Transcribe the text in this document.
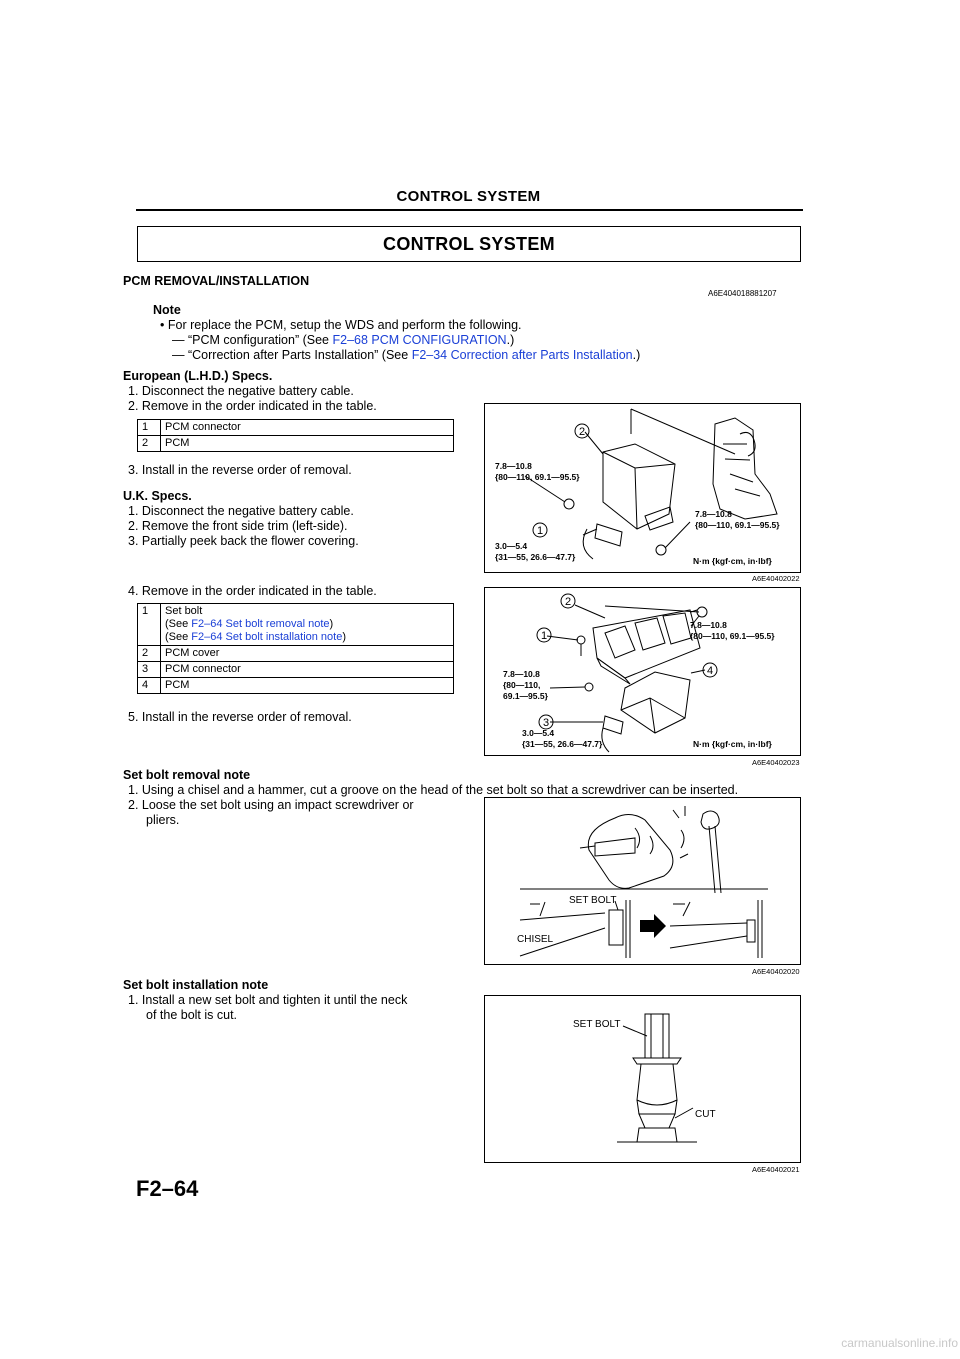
CONTROL SYSTEM
CONTROL SYSTEM
PCM REMOVAL/INSTALLATION
A6E404018881207
Note
• For replace the PCM, setup the WDS and perform the following.
— “PCM configuration” (See F2–68 PCM CONFIGURATION.)
— “Correction after Parts Installation” (See F2–34 Correction after Parts Installation.)
European (L.H.D.) Specs.
1. Disconnect the negative battery cable.
2. Remove in the order indicated in the table.
1	PCM connector
2	PCM
3. Install in the reverse order of removal.
2
1
7.8—10.8
{80—110, 69.1—95.5}
7.8—10.8
{80—110, 69.1—95.5}
3.0—5.4
{31—55, 26.6—47.7}	N·m {kgf·cm, in·lbf}
A6E40402022
U.K. Specs.
1. Disconnect the negative battery cable.
2. Remove the front side trim (left-side).
3. Partially peek back the flower covering.
4. Remove in the order indicated in the table.
1	Set bolt
(See F2–64 Set bolt removal note)
(See F2–64 Set bolt installation note)

2	PCM cover
3	PCM connector
4	PCM
5. Install in the reverse order of removal.
2
1
3
4
7.8—10.8
{80—110, 69.1—95.5}
7.8—10.8
{80—110,
69.1—95.5}
3.0—5.4
{31—55, 26.6—47.7}	N·m {kgf·cm, in·lbf}
A6E40402023
Set bolt removal note
1. Using a chisel and a hammer, cut a groove on the head of the set bolt so that a screwdriver can be inserted.
2. Loose the set bolt using an impact screwdriver or
pliers.
SET BOLT
CHISEL
A6E40402020
Set bolt installation note
1. Install a new set bolt and tighten it until the neck
of the bolt is cut.
SET BOLT
CUT
A6E40402021
F2–64
carmanualsonline.info
